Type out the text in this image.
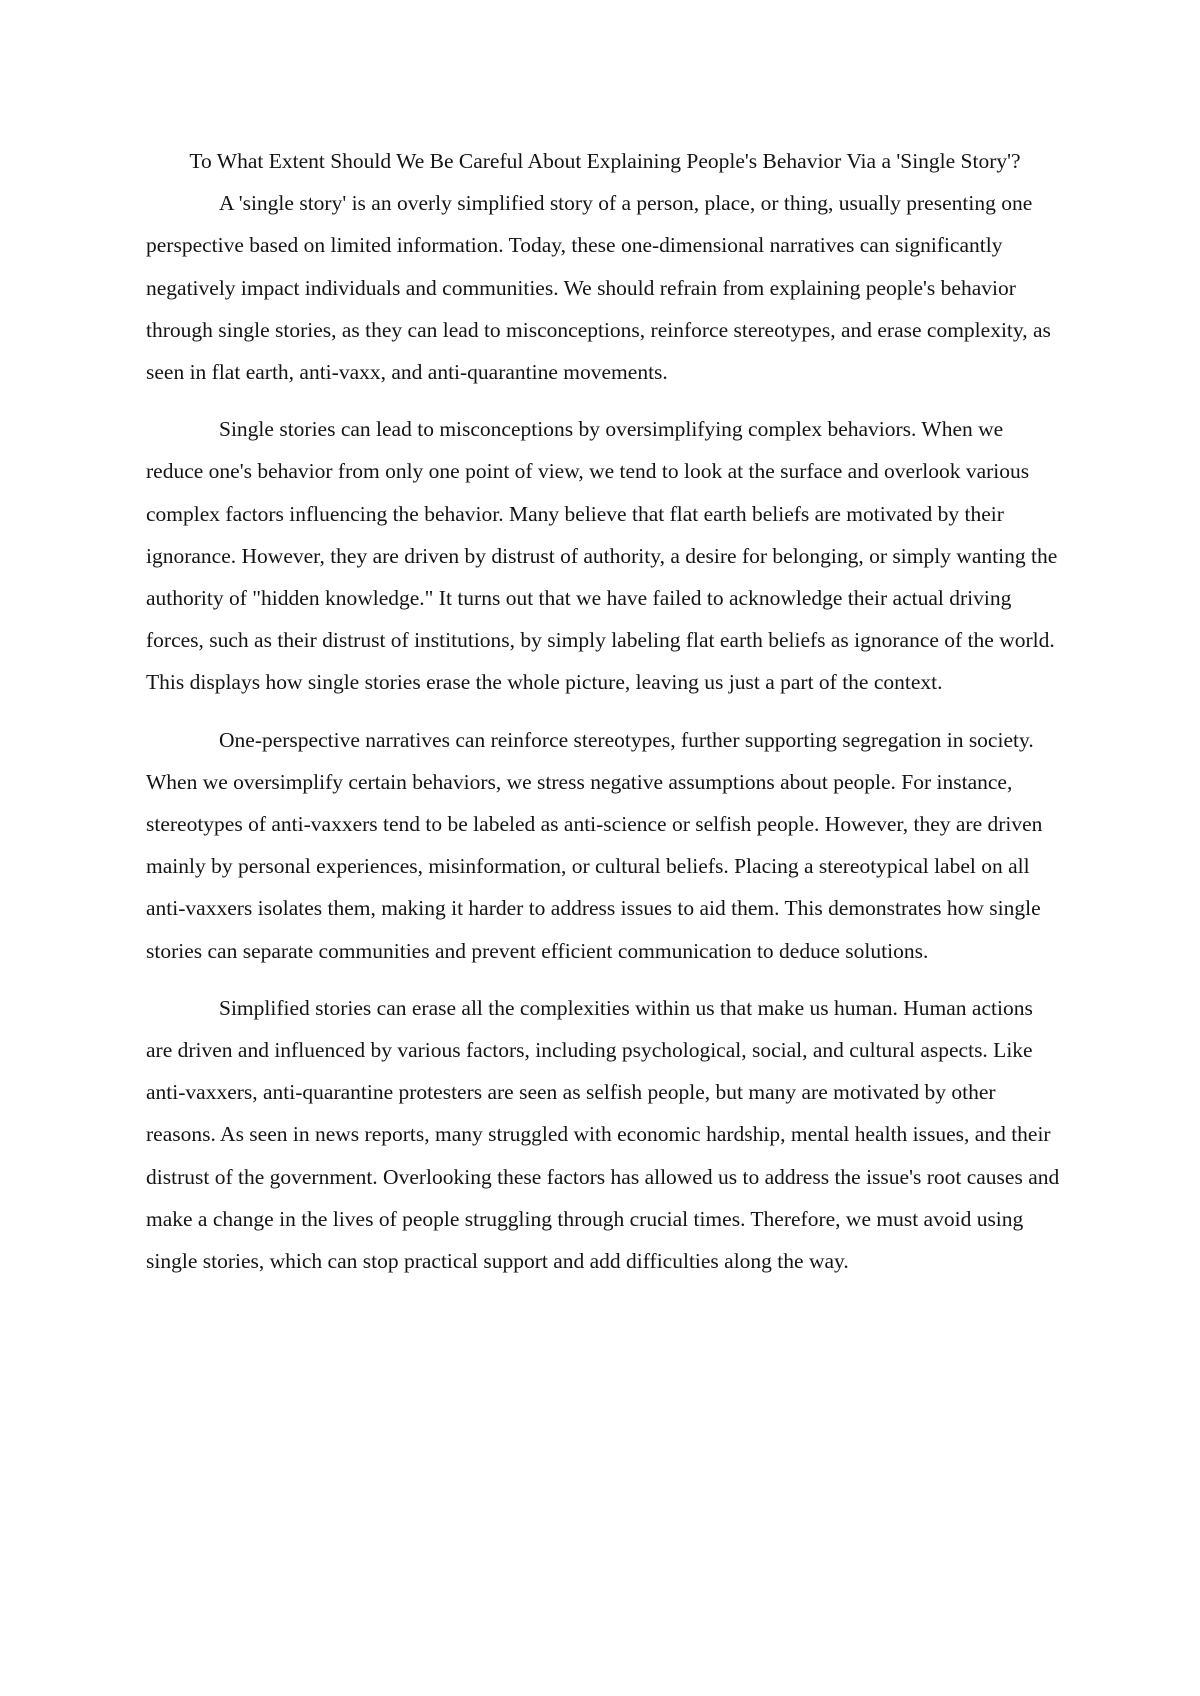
To What Extent Should We Be Careful About Explaining People's Behavior Via a 'Single Story'?

A 'single story' is an overly simplified story of a person, place, or thing, usually presenting one perspective based on limited information. Today, these one-dimensional narratives can significantly negatively impact individuals and communities. We should refrain from explaining people's behavior through single stories, as they can lead to misconceptions, reinforce stereotypes, and erase complexity, as seen in flat earth, anti-vaxx, and anti-quarantine movements.

Single stories can lead to misconceptions by oversimplifying complex behaviors. When we reduce one's behavior from only one point of view, we tend to look at the surface and overlook various complex factors influencing the behavior. Many believe that flat earth beliefs are motivated by their ignorance. However, they are driven by distrust of authority, a desire for belonging, or simply wanting the authority of "hidden knowledge." It turns out that we have failed to acknowledge their actual driving forces, such as their distrust of institutions, by simply labeling flat earth beliefs as ignorance of the world. This displays how single stories erase the whole picture, leaving us just a part of the context.

One-perspective narratives can reinforce stereotypes, further supporting segregation in society. When we oversimplify certain behaviors, we stress negative assumptions about people. For instance, stereotypes of anti-vaxxers tend to be labeled as anti-science or selfish people. However, they are driven mainly by personal experiences, misinformation, or cultural beliefs. Placing a stereotypical label on all anti-vaxxers isolates them, making it harder to address issues to aid them. This demonstrates how single stories can separate communities and prevent efficient communication to deduce solutions.

Simplified stories can erase all the complexities within us that make us human. Human actions are driven and influenced by various factors, including psychological, social, and cultural aspects. Like anti-vaxxers, anti-quarantine protesters are seen as selfish people, but many are motivated by other reasons. As seen in news reports, many struggled with economic hardship, mental health issues, and their distrust of the government. Overlooking these factors has allowed us to address the issue's root causes and make a change in the lives of people struggling through crucial times. Therefore, we must avoid using single stories, which can stop practical support and add difficulties along the way.
